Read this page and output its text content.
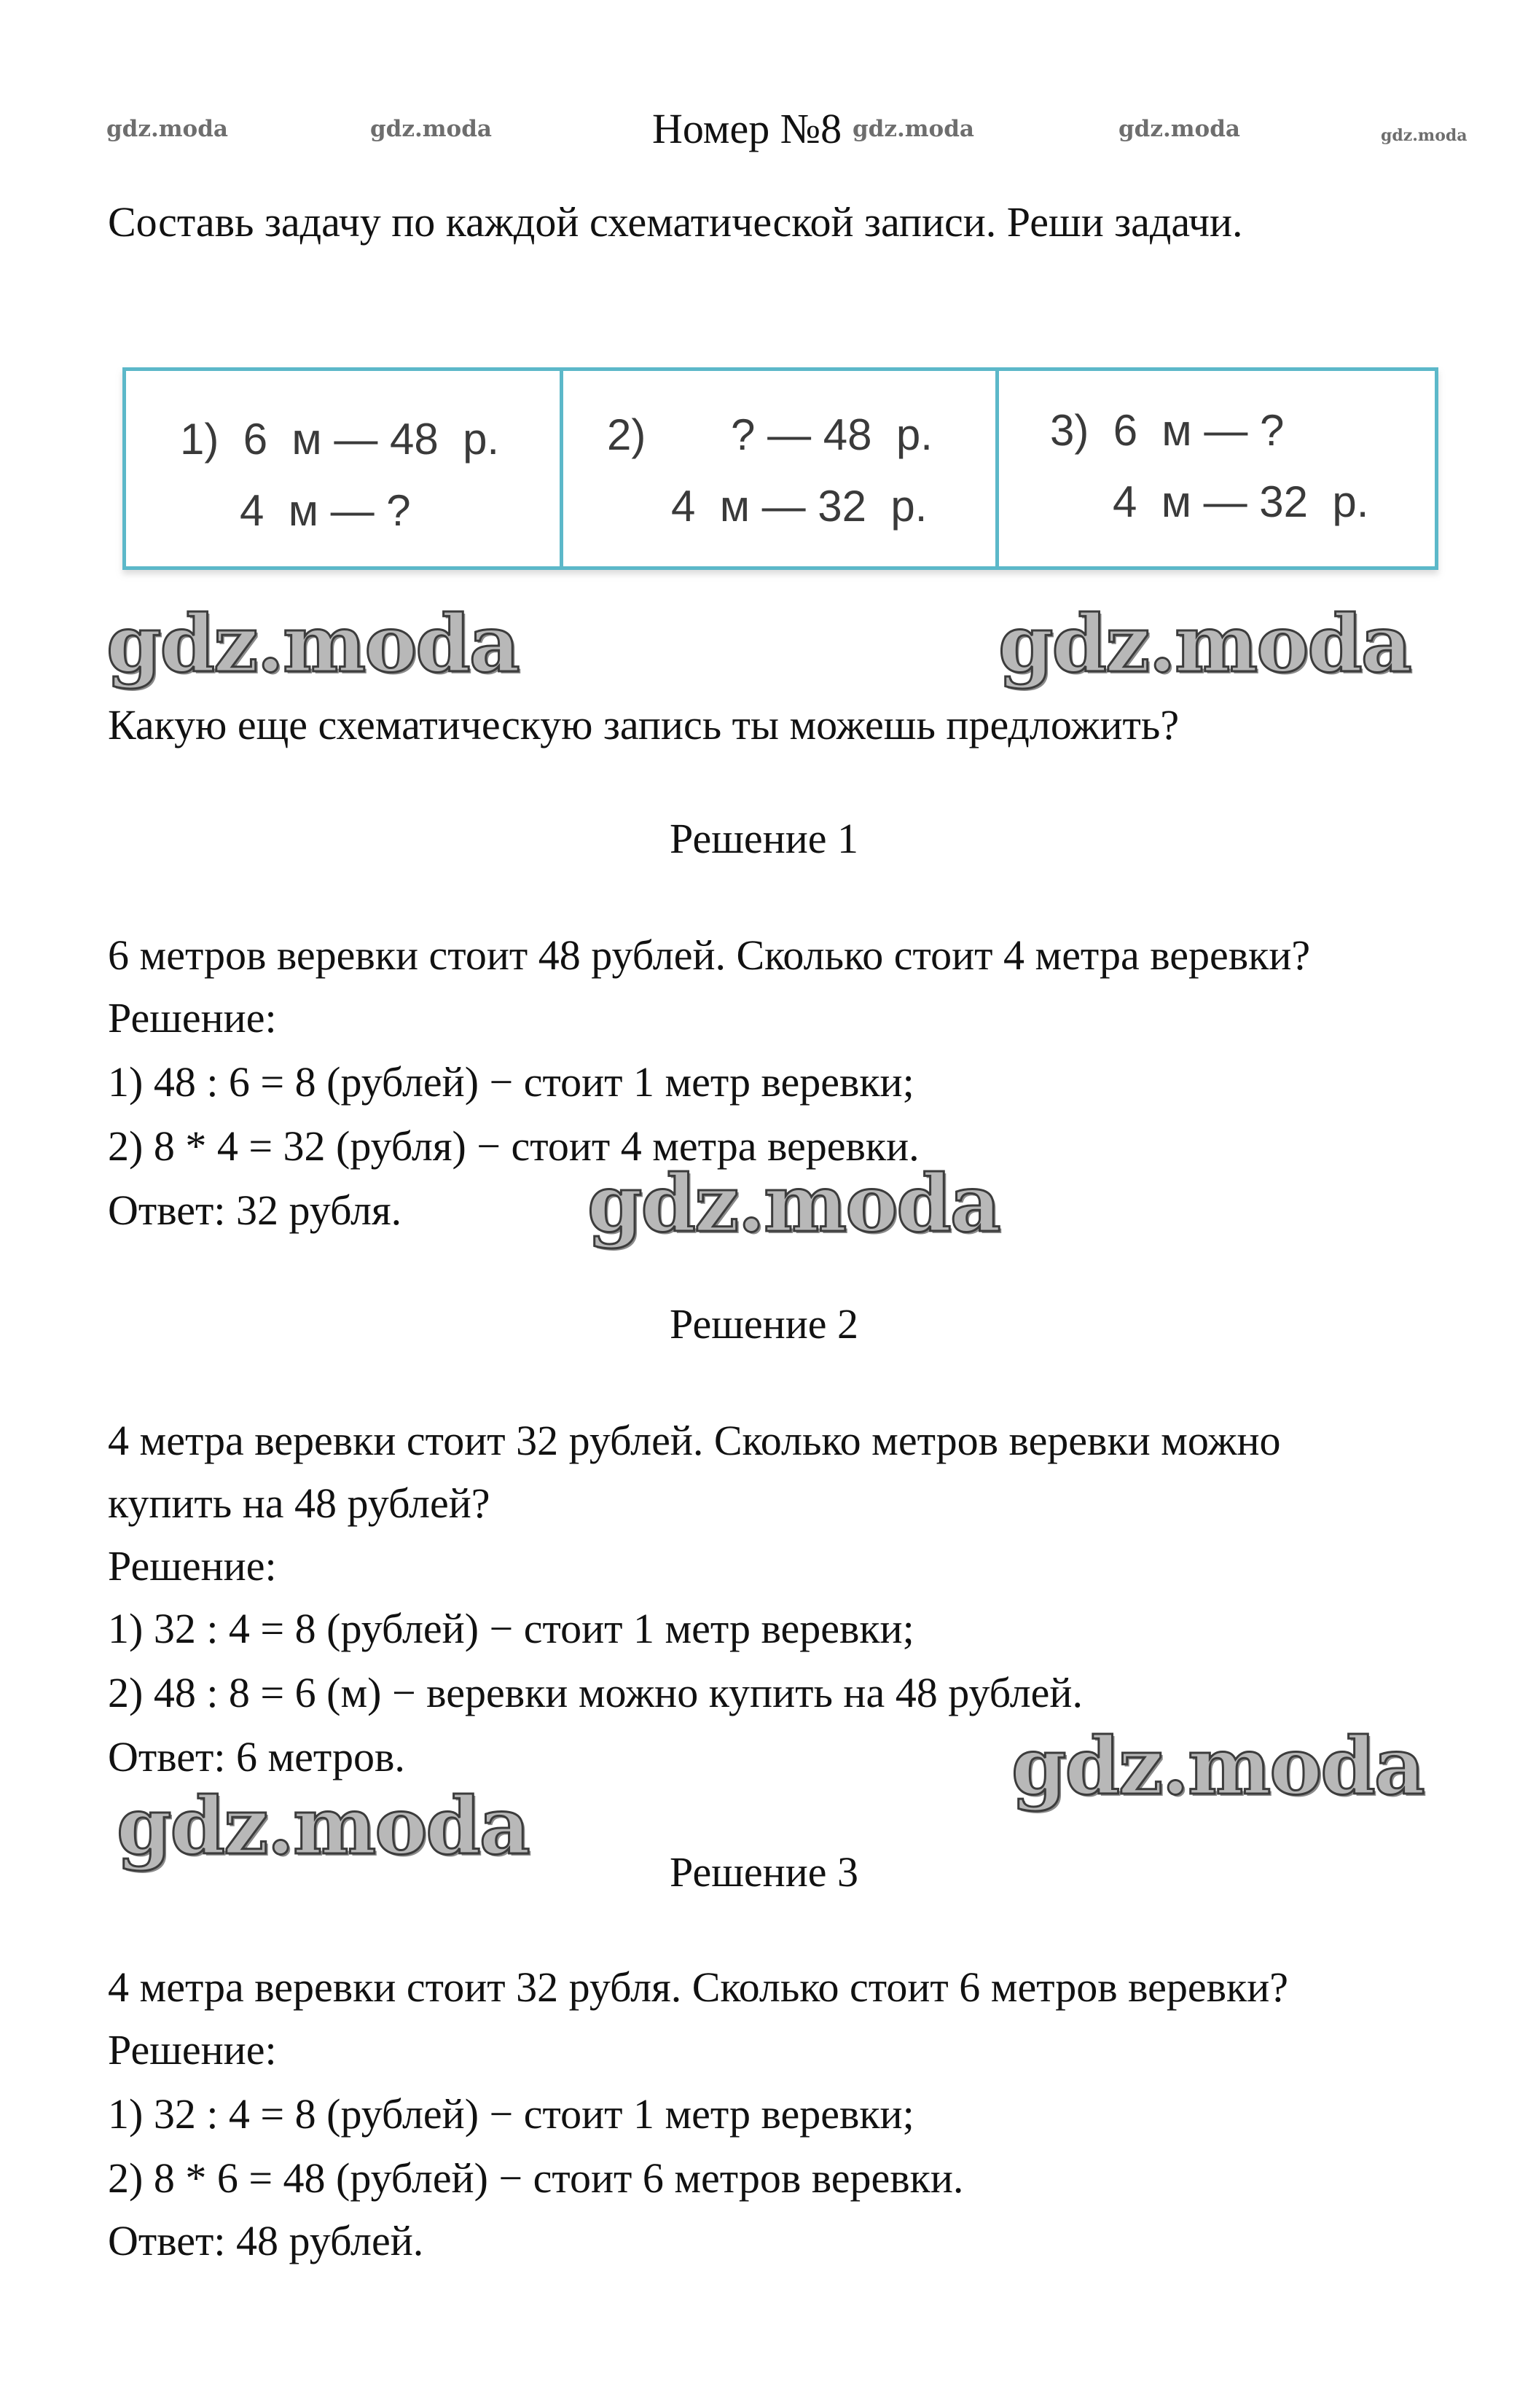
gdz.moda	gdz.moda	gdz.moda	gdz.moda	gdz.moda
Номер №8
Составь задачу по каждой схематической записи. Реши задачи.
1)  6  м — 48  р.
4  м — ?
2)       ? — 48  р.
4  м — 32  р.
3)  6  м — ?
4  м — 32  р.
gdz.moda	gdz.moda
Какую еще схематическую запись ты можешь предложить?
Решение 1
6 метров веревки стоит 48 рублей. Сколько стоит 4 метра веревки?
Решение:
1) 48 : 6 = 8 (рублей) − стоит 1 метр веревки;
2) 8 * 4 = 32 (рубля) − стоит 4 метра веревки.
Ответ: 32 рубля. gdz.moda
Решение 2
4 метра веревки стоит 32 рублей. Сколько метров веревки можно
купить на 48 рублей?
Решение:
1) 32 : 4 = 8 (рублей) − стоит 1 метр веревки;
2) 48 : 8 = 6 (м) − веревки можно купить на 48 рублей.
Ответ: 6 метров.	gdz.moda
gdz.moda	Решение 3
4 метра веревки стоит 32 рубля. Сколько стоит 6 метров веревки?
Решение:
1) 32 : 4 = 8 (рублей) − стоит 1 метр веревки;
2) 8 * 6 = 48 (рублей) − стоит 6 метров веревки.
Ответ: 48 рублей.
